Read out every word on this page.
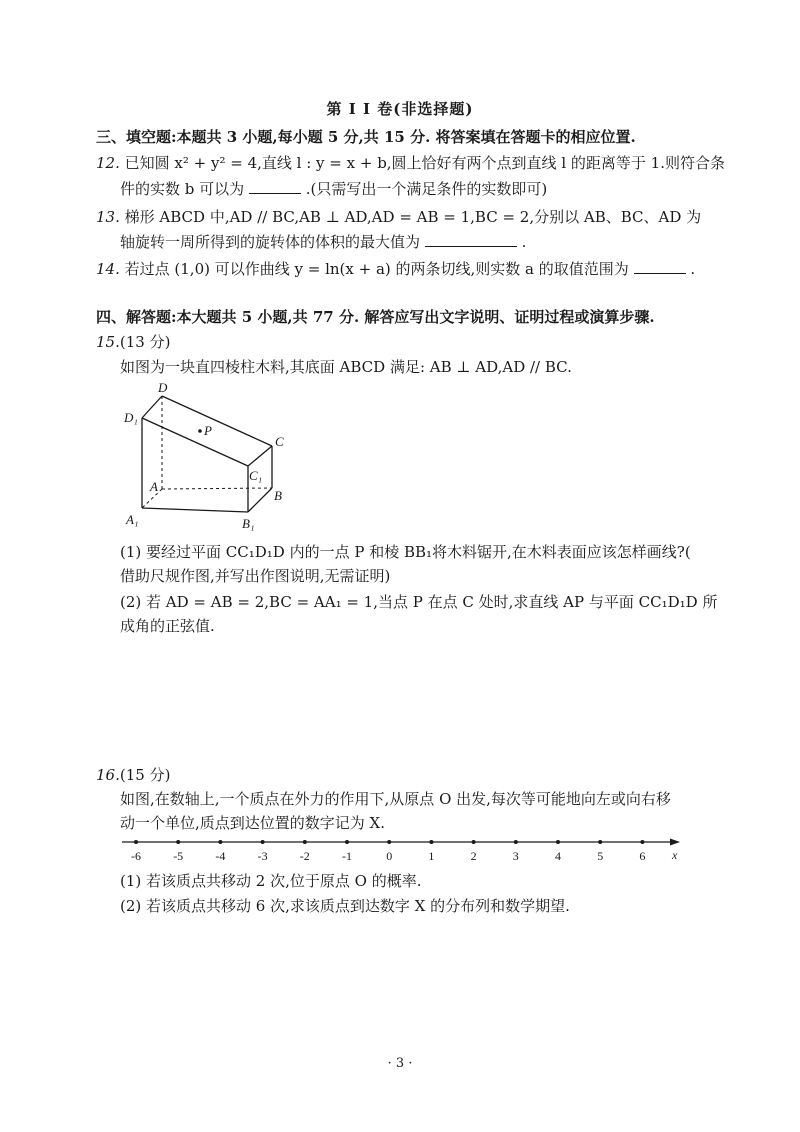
第 I I 卷(非选择题)
三、填空题:本题共 3 小题,每小题 5 分,共 15 分. 将答案填在答题卡的相应位置.
12. 已知圆 x² + y² = 4,直线 l : y = x + b,圆上恰好有两个点到直线 l 的距离等于 1.则符合条
件的实数 b 可以为	.(只需写出一个满足条件的实数即可)
13. 梯形 ABCD 中,AD // BC,AB ⊥ AD,AD = AB = 1,BC = 2,分别以 AB、BC、AD 为
轴旋转一周所得到的旋转体的体积的最大值为	.
14. 若过点 (1,0) 可以作曲线 y = ln(x + a) 的两条切线,则实数 a 的取值范围为	.
四、解答题:本大题共 5 小题,共 77 分. 解答应写出文字说明、证明过程或演算步骤.
15.(13 分)
如图为一块直四棱柱木料,其底面 ABCD 满足: AB ⊥ AD,AD // BC.
D
D₁
P
C
C₁
A
B
A₁	B₁
(1) 要经过平面 CC₁D₁D 内的一点 P 和棱 BB₁将木料锯开,在木料表面应该怎样画线?(
借助尺规作图,并写出作图说明,无需证明)
(2) 若 AD = AB = 2,BC = AA₁ = 1,当点 P 在点 C 处时,求直线 AP 与平面 CC₁D₁D 所
成角的正弦值.
16.(15 分)
如图,在数轴上,一个质点在外力的作用下,从原点 O 出发,每次等可能地向左或向右移
动一个单位,质点到达位置的数字记为 X.
-6	-5	-4	-3	-2	-1	0	1	2	3	4	5	6 x
(1) 若该质点共移动 2 次,位于原点 O 的概率.
(2) 若该质点共移动 6 次,求该质点到达数字 X 的分布列和数学期望.
· 3 ·
